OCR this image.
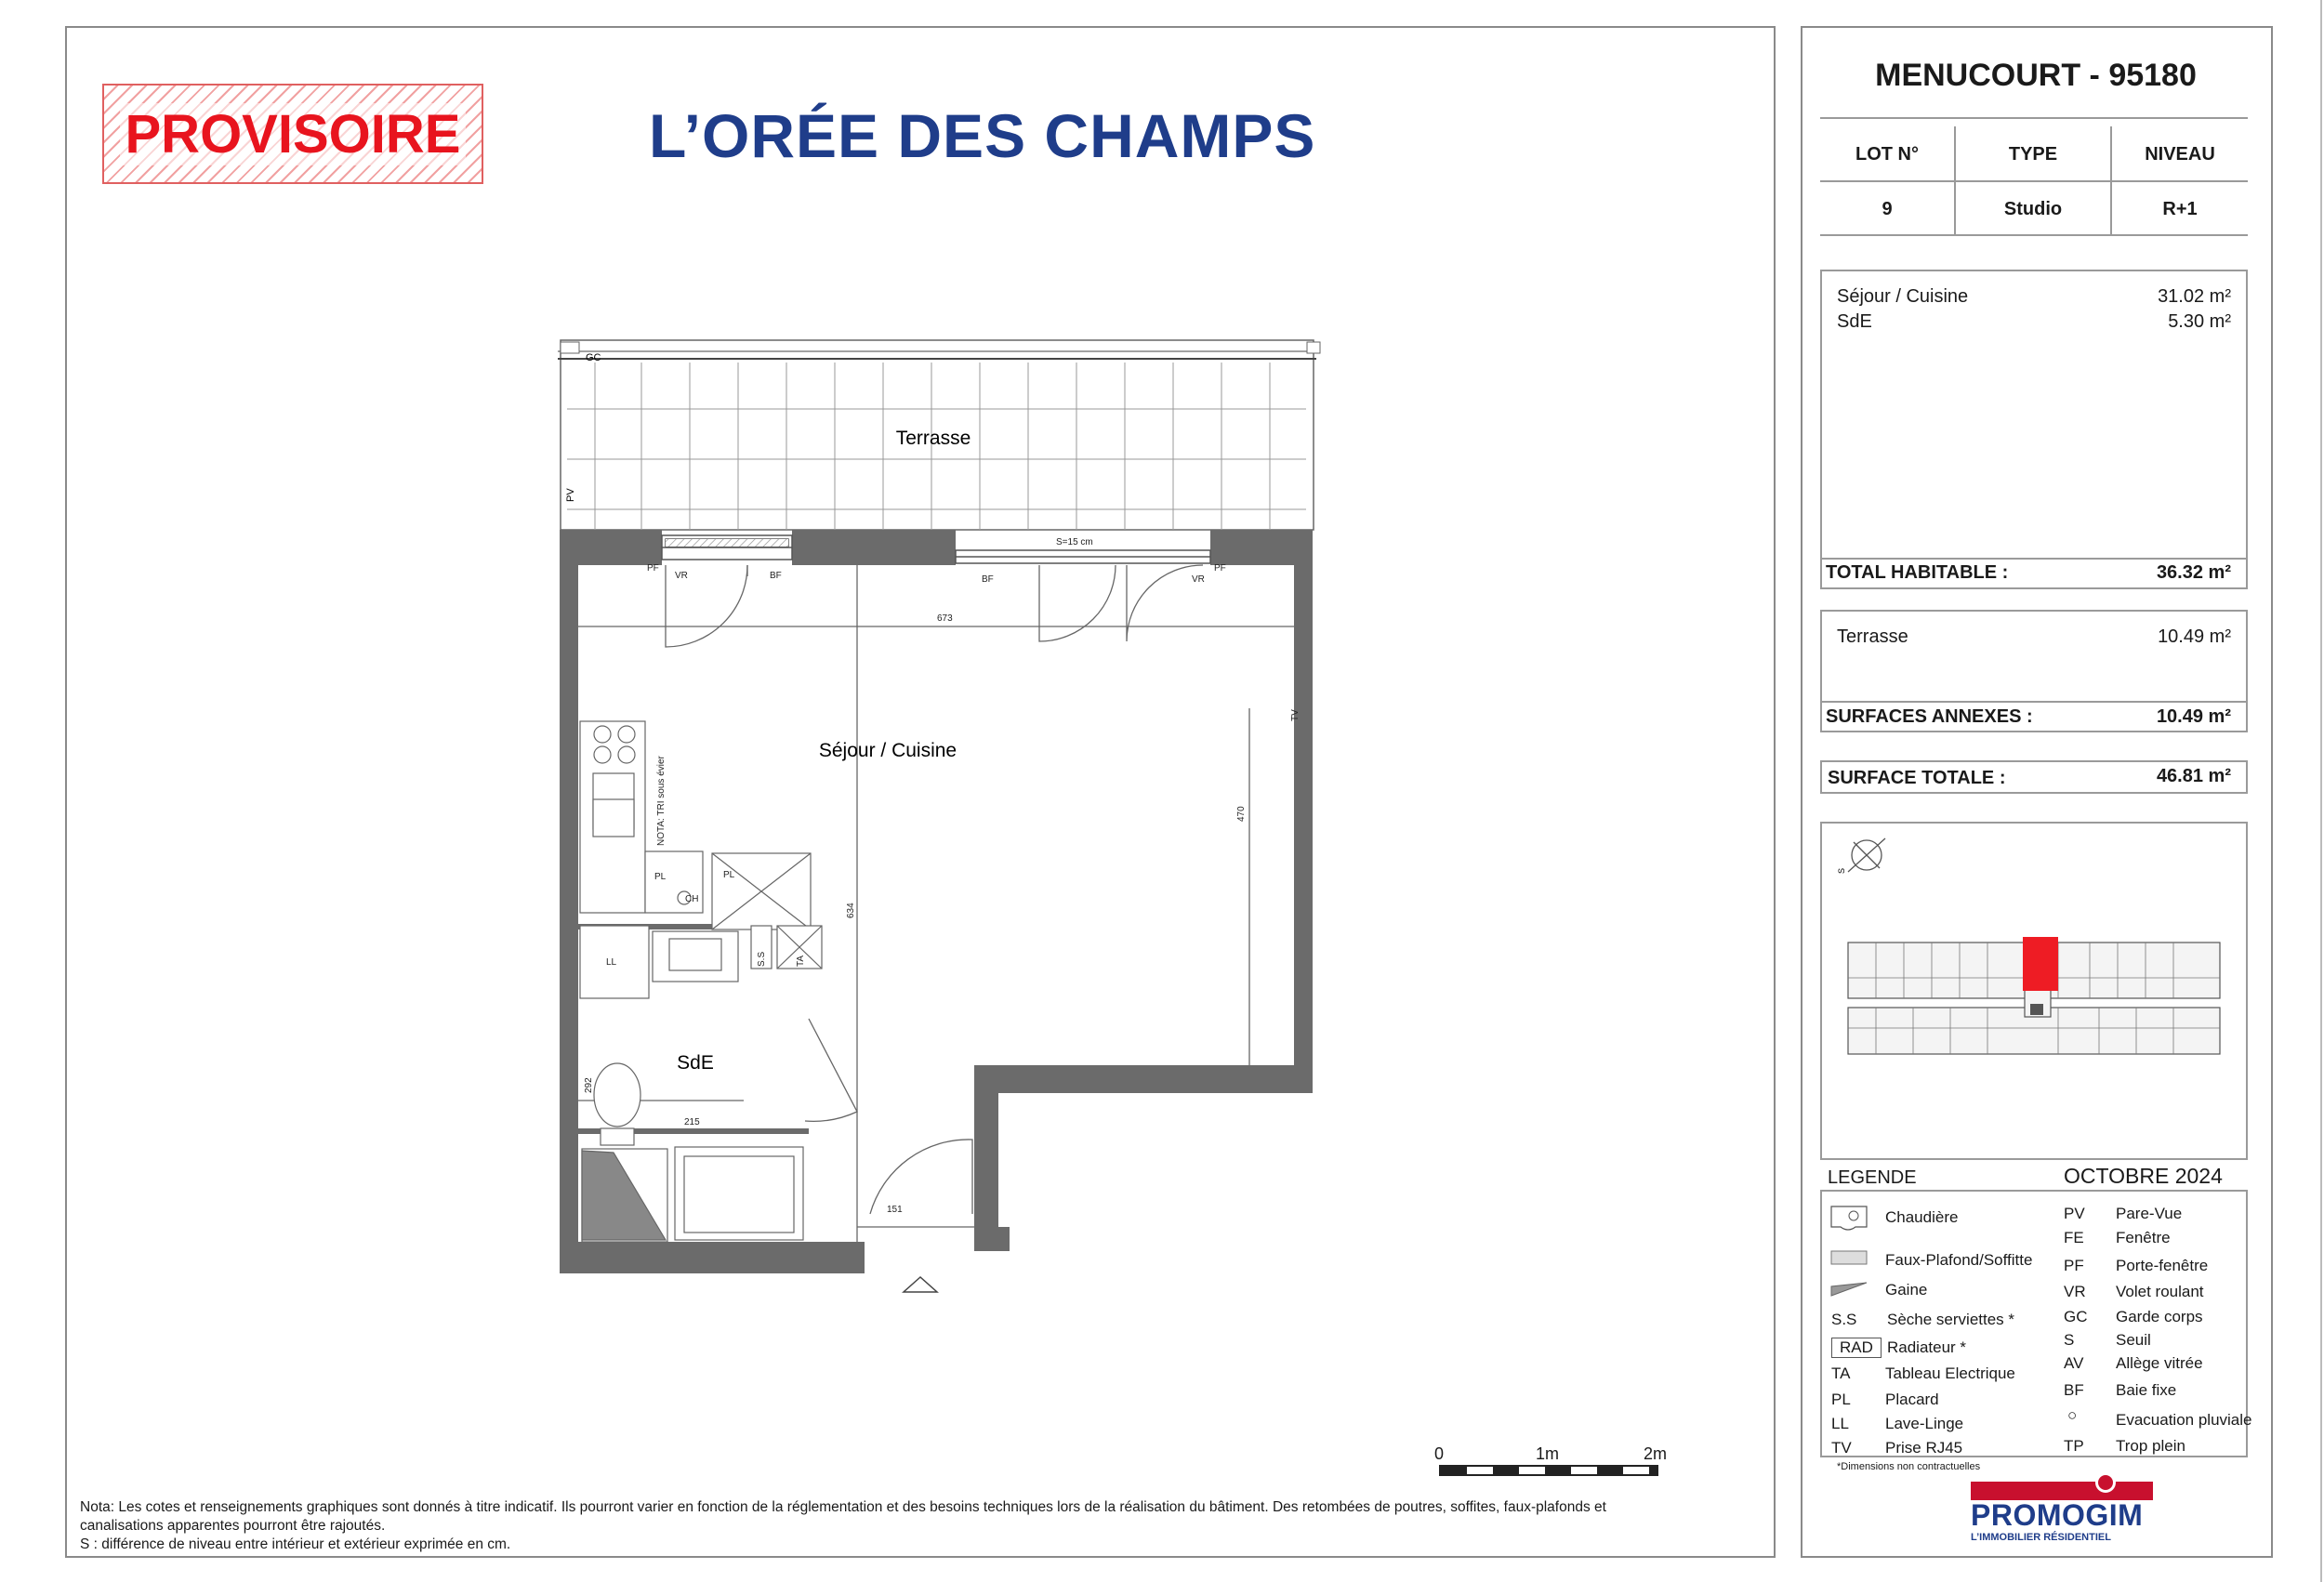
PROVISOIRE	L’ORÉE DES CHAMPS
Terrasse
GC
PV
Séjour / Cuisine
SdE
PF
VR	BF
S=15 cm
BF	VR
PF
TV
NOTA: TRI sous évier
PL
CH
PL
LL	S.S	TA
673
470
634
292
215
151
0	1m	2m
Nota: Les cotes et renseignements graphiques sont donnés à titre indicatif. Ils pourront varier en fonction de la réglementation et des besoins techniques lors de la réalisation du bâtiment. Des retombées de poutres, soffites, faux-plafonds et
canalisations apparentes pourront être rajoutés.
S : différence de niveau entre intérieur et extérieur exprimée en cm.
MENUCOURT - 95180
LOT N°	TYPE	NIVEAU
9	Studio	R+1
Séjour / Cuisine	31.02 m²
SdE	5.30 m²
TOTAL HABITABLE :	36.32 m²
Terrasse	10.49 m²
SURFACES ANNEXES :	10.49 m²
SURFACE TOTALE :	46.81 m²
S
LEGENDE	OCTOBRE 2024
Chaudière
Faux-Plafond/Soffitte
Gaine
S.S Sèche serviettes *
RAD Radiateur *
TA Tableau Electrique
PL Placard
LL Lave-Linge
TV Prise RJ45
PV Pare-Vue
FE Fenêtre
PF Porte-fenêtre
VR Volet roulant
GC Garde corps
S	Seuil
AV Allège vitrée
BF Baie fixe
○ Evacuation pluviale
TP Trop plein
*Dimensions non contractuelles
PROMOGIM
L’IMMOBILIER RÉSIDENTIEL
